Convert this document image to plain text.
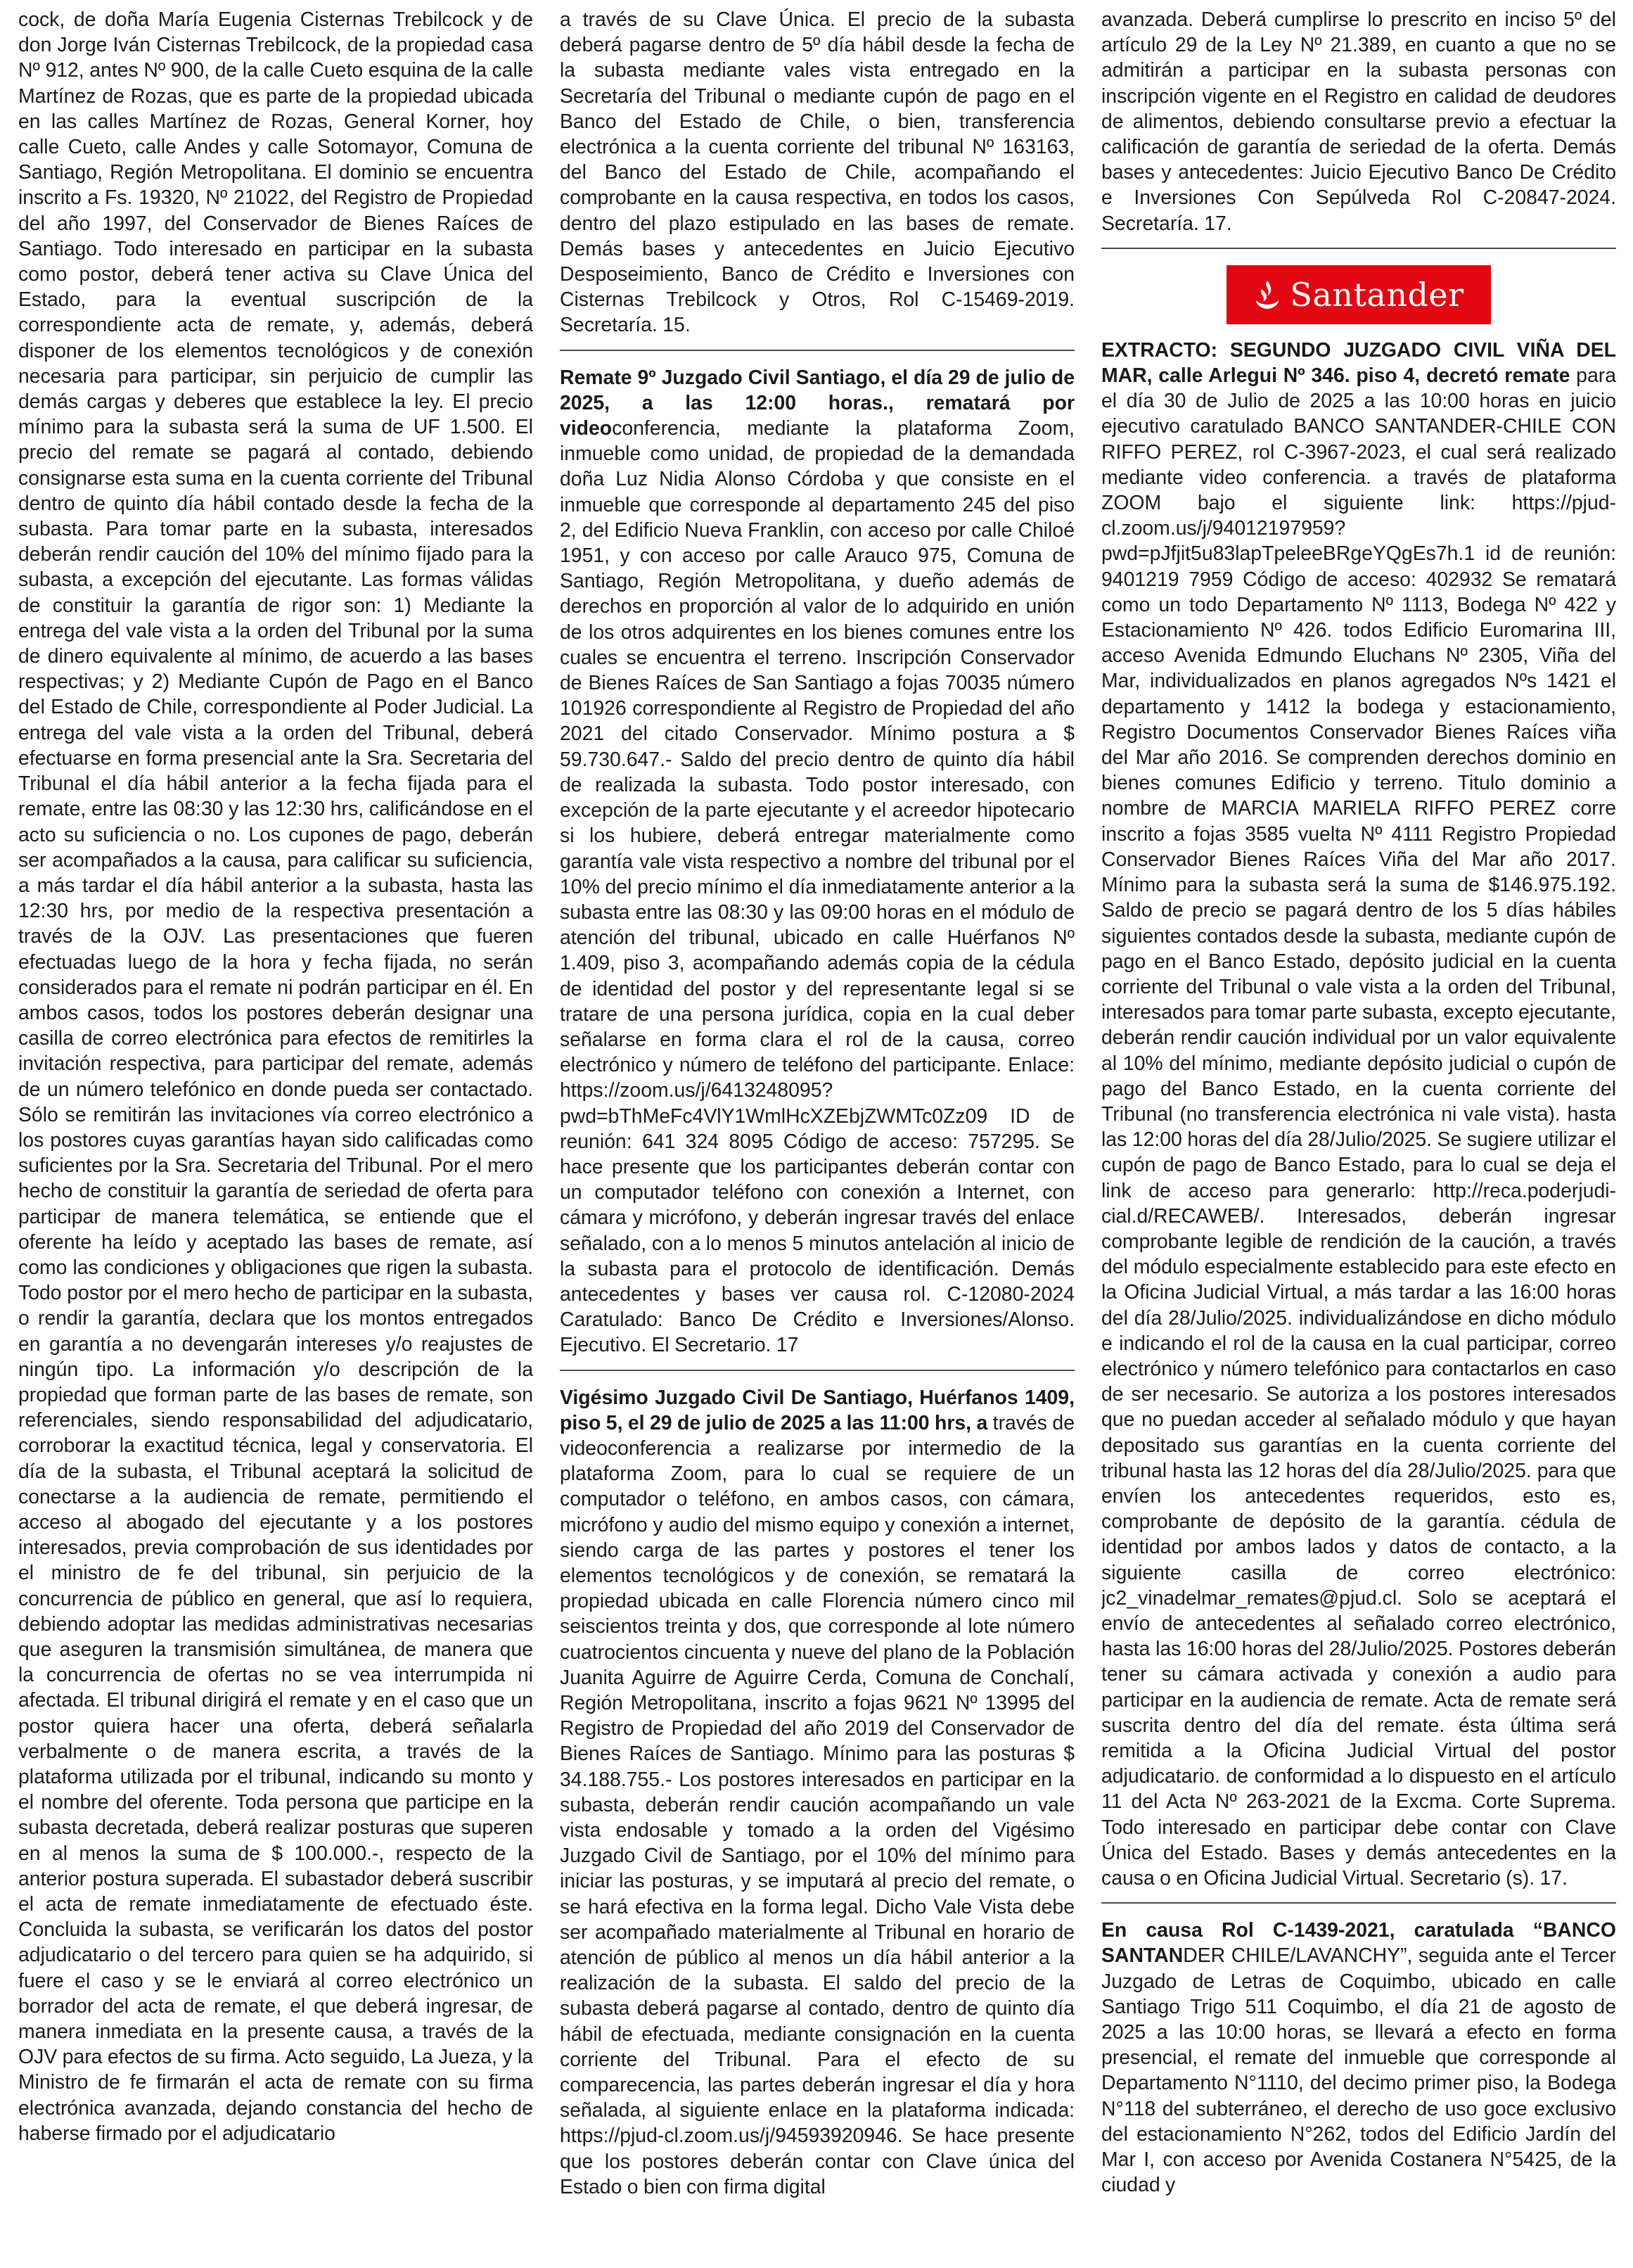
cock, de doña María Eugenia Cisternas Trebilcock y de don Jorge Iván Cisternas Trebilcock, de la propiedad casa Nº 912, antes Nº 900, de la calle Cueto esquina de la calle Martínez de Rozas, que es parte de la propiedad ubicada en las calles Martínez de Rozas, General Korner, hoy calle Cueto, calle Andes y calle Sotomayor, Comuna de Santiago, Región Metropolitana. El dominio se encuentra inscrito a Fs. 19320, Nº 21022, del Registro de Propiedad del año 1997, del Conservador de Bienes Raíces de Santiago. Todo interesado en participar en la subasta como postor, deberá tener activa su Clave Única del Estado, para la eventual suscripción de la correspondiente acta de remate, y, además, deberá disponer de los elementos tecnológicos y de conexión necesaria para participar, sin perjuicio de cumplir las demás cargas y deberes que establece la ley. El precio mínimo para la subasta será la suma de UF 1.500. El precio del remate se pagará al contado, debiendo consignarse esta suma en la cuenta corriente del Tribunal dentro de quinto día hábil contado desde la fecha de la subasta. Para tomar parte en la subasta, interesados deberán rendir caución del 10% del mínimo fijado para la subasta, a excepción del ejecutante. Las formas válidas de constituir la garantía de rigor son: 1) Mediante la entrega del vale vista a la orden del Tribunal por la suma de dinero equivalente al mínimo, de acuerdo a las bases respectivas; y 2) Mediante Cupón de Pago en el Banco del Estado de Chile, correspondiente al Poder Judicial. La entrega del vale vista a la orden del Tribunal, deberá efectuarse en forma presencial ante la Sra. Secretaria del Tribunal el día hábil anterior a la fecha fijada para el remate, entre las 08:30 y las 12:30 hrs, calificándose en el acto su suficiencia o no. Los cupones de pago, deberán ser acompañados a la causa, para calificar su suficiencia, a más tardar el día hábil anterior a la subasta, hasta las 12:30 hrs, por medio de la respectiva presentación a través de la OJV. Las presentaciones que fueren efectuadas luego de la hora y fecha fijada, no serán considerados para el remate ni podrán participar en él. En ambos casos, todos los postores deberán designar una casilla de correo electrónica para efectos de remitirles la invitación respectiva, para participar del remate, además de un número telefónico en donde pueda ser contactado. Sólo se remitirán las invitaciones vía correo electrónico a los postores cuyas garantías hayan sido calificadas como suficientes por la Sra. Secretaria del Tribunal. Por el mero hecho de constituir la garantía de seriedad de oferta para participar de manera telemática, se entiende que el oferente ha leído y aceptado las bases de remate, así como las condiciones y obligaciones que rigen la subasta. Todo postor por el mero hecho de participar en la subasta, o rendir la garantía, declara que los montos entregados en garantía a no devengarán intereses y/o reajustes de ningún tipo. La información y/o descripción de la propiedad que forman parte de las bases de remate, son referenciales, siendo responsabilidad del adjudicatario, corroborar la exactitud técnica, legal y conservatoria. El día de la subasta, el Tribunal aceptará la solicitud de conectarse a la audiencia de remate, permitiendo el acceso al abogado del ejecutante y a los postores interesados, previa comprobación de sus identidades por el ministro de fe del tribunal, sin perjuicio de la concurrencia de público en general, que así lo requiera, debiendo adoptar las medidas administrativas necesarias que aseguren la transmisión simultánea, de manera que la concurrencia de ofertas no se vea interrumpida ni afectada. El tribunal dirigirá el remate y en el caso que un postor quiera hacer una oferta, deberá señalarla verbalmente o de manera escrita, a través de la plataforma utilizada por el tribunal, indicando su monto y el nombre del oferente. Toda persona que participe en la subasta decretada, deberá realizar posturas que superen en al menos la suma de $ 100.000.-, respecto de la anterior postura superada. El subastador deberá suscribir el acta de remate inmediatamente de efectuado éste. Concluida la subasta, se verificarán los datos del postor adjudicatario o del tercero para quien se ha adquirido, si fuere el caso y se le enviará al correo electrónico un borrador del acta de remate, el que deberá ingresar, de manera inmediata en la presente causa, a través de la OJV para efectos de su firma. Acto seguido, La Jueza, y la Ministro de fe firmarán el acta de remate con su firma electrónica avanzada, dejando constancia del hecho de haberse firmado por el adjudicatario

a través de su Clave Única. El precio de la subasta deberá pagarse dentro de 5º día hábil desde la fecha de la subasta mediante vales vista entregado en la Secretaría del Tribunal o mediante cupón de pago en el Banco del Estado de Chile, o bien, transferencia electrónica a la cuenta corriente del tribunal Nº 163163, del Banco del Estado de Chile, acompañando el comprobante en la causa respectiva, en todos los casos, dentro del plazo estipulado en las bases de remate. Demás bases y antecedentes en Juicio Ejecutivo Desposeimiento, Banco de Crédito e Inversiones con Cisternas Trebilcock y Otros, Rol C-15469-2019. Secretaría. 15.

Remate 9º Juzgado Civil Santiago, el día 29 de julio de 2025, a las 12:00 horas., rematará por videoconferencia, mediante la plataforma Zoom, inmueble como unidad, de propiedad de la demandada doña Luz Nidia Alonso Córdoba y que consiste en el inmueble que corresponde al departamento 245 del piso 2, del Edificio Nueva Franklin, con acceso por calle Chiloé 1951, y con acceso por calle Arauco 975, Comuna de Santiago, Región Metropolitana, y dueño además de derechos en proporción al valor de lo adquirido en unión de los otros adquirentes en los bienes comunes entre los cuales se encuentra el terreno. Inscripción Conservador de Bienes Raíces de San Santiago a fojas 70035 número 101926 correspondiente al Registro de Propiedad del año 2021 del citado Conservador. Mínimo postura a $ 59.730.647.- Saldo del precio dentro de quinto día hábil de realizada la subasta. Todo postor interesado, con excepción de la parte ejecutante y el acreedor hipotecario si los hubiere, deberá entregar materialmente como garantía vale vista respectivo a nombre del tribunal por el 10% del precio mínimo el día inmediatamente anterior a la subasta entre las 08:30 y las 09:00 horas en el módulo de atención del tribunal, ubicado en calle Huérfanos Nº 1.409, piso 3, acompañando además copia de la cédula de identidad del postor y del representante legal si se tratare de una persona jurídica, copia en la cual deber señalarse en forma clara el rol de la causa, correo electrónico y número de teléfono del participante. Enlace: https://zoom.us/j/6413248095?pwd=bThMeFc4VlY1WmlHcXZEbjZWMTc0Zz09 ID de reunión: 641 324 8095 Código de acceso: 757295. Se hace presente que los participantes deberán contar con un computador teléfono con conexión a Internet, con cámara y micrófono, y deberán ingresar través del enlace señalado, con a lo menos 5 minutos antelación al inicio de la subasta para el protocolo de identificación. Demás antecedentes y bases ver causa rol. C-12080-2024 Caratulado: Banco De Crédito e Inversiones/Alonso. Ejecutivo. El Secretario. 17

Vigésimo Juzgado Civil De Santiago, Huérfanos 1409, piso 5, el 29 de julio de 2025 a las 11:00 hrs, a través de videoconferencia a realizarse por intermedio de la plataforma Zoom, para lo cual se requiere de un computador o teléfono, en ambos casos, con cámara, micrófono y audio del mismo equipo y conexión a internet, siendo carga de las partes y postores el tener los elementos tecnológicos y de conexión, se rematará la propiedad ubicada en calle Florencia número cinco mil seiscientos treinta y dos, que corresponde al lote número cuatrocientos cincuenta y nueve del plano de la Población Juanita Aguirre de Aguirre Cerda, Comuna de Conchalí, Región Metropolitana, inscrito a fojas 9621 Nº 13995 del Registro de Propiedad del año 2019 del Conservador de Bienes Raíces de Santiago. Mínimo para las posturas $ 34.188.755.- Los postores interesados en participar en la subasta, deberán rendir caución acompañando un vale vista endosable y tomado a la orden del Vigésimo Juzgado Civil de Santiago, por el 10% del mínimo para iniciar las posturas, y se imputará al precio del remate, o se hará efectiva en la forma legal. Dicho Vale Vista debe ser acompañado materialmente al Tribunal en horario de atención de público al menos un día hábil anterior a la realización de la subasta. El saldo del precio de la subasta deberá pagarse al contado, dentro de quinto día hábil de efectuada, mediante consignación en la cuenta corriente del Tribunal. Para el efecto de su comparecencia, las partes deberán ingresar el día y hora señalada, al siguiente enlace en la plataforma indicada: https://pjud-cl.zoom.us/j/94593920946. Se hace presente que los postores deberán contar con Clave única del Estado o bien con firma digital

avanzada. Deberá cumplirse lo prescrito en inciso 5º del artículo 29 de la Ley Nº 21.389, en cuanto a que no se admitirán a participar en la subasta personas con inscripción vigente en el Registro en calidad de deudores de alimentos, debiendo consultarse previo a efectuar la calificación de garantía de seriedad de la oferta. Demás bases y antecedentes: Juicio Ejecutivo Banco De Crédito e Inversiones Con Sepúlveda Rol C-20847-2024. Secretaría. 17.

Santander

EXTRACTO: SEGUNDO JUZGADO CIVIL VIÑA DEL MAR, calle Arlegui Nº 346. piso 4, decretó remate para el día 30 de Julio de 2025 a las 10:00 horas en juicio ejecutivo caratulado BANCO SANTANDER-CHILE CON RIFFO PEREZ, rol C-3967-2023, el cual será realizado mediante video conferencia. a través de plataforma ZOOM bajo el siguiente link: https://pjud-cl.zoom.us/j/94012197959?pwd=pJfjit5u83lapTpeleeBRgeYQgEs7h.1 id de reunión: 9401219 7959 Código de acceso: 402932 Se rematará como un todo Departamento Nº 1113, Bodega Nº 422 y Estacionamiento Nº 426. todos Edificio Euromarina III, acceso Avenida Edmundo Eluchans Nº 2305, Viña del Mar, individualizados en planos agregados Nºs 1421 el departamento y 1412 la bodega y estacionamiento, Registro Documentos Conservador Bienes Raíces viña del Mar año 2016. Se comprenden derechos dominio en bienes comunes Edificio y terreno. Titulo dominio a nombre de MARCIA MARIELA RIFFO PEREZ corre inscrito a fojas 3585 vuelta Nº 4111 Registro Propiedad Conservador Bienes Raíces Viña del Mar año 2017. Mínimo para la subasta será la suma de $146.975.192. Saldo de precio se pagará dentro de los 5 días hábiles siguientes contados desde la subasta, mediante cupón de pago en el Banco Estado, depósito judicial en la cuenta corriente del Tribunal o vale vista a la orden del Tribunal, interesados para tomar parte subasta, excepto ejecutante, deberán rendir caución individual por un valor equivalente al 10% del mínimo, mediante depósito judicial o cupón de pago del Banco Estado, en la cuenta corriente del Tribunal (no transferencia electrónica ni vale vista). hasta las 12:00 horas del día 28/Julio/2025. Se sugiere utilizar el cupón de pago de Banco Estado, para lo cual se deja el link de acceso para generarlo: http://reca.poderjudi-cial.d/RECAWEB/. Interesados, deberán ingresar comprobante legible de rendición de la caución, a través del módulo especialmente establecido para este efecto en la Oficina Judicial Virtual, a más tardar a las 16:00 horas del día 28/Julio/2025. individualizándose en dicho módulo e indicando el rol de la causa en la cual participar, correo electrónico y número telefónico para contactarlos en caso de ser necesario. Se autoriza a los postores interesados que no puedan acceder al señalado módulo y que hayan depositado sus garantías en la cuenta corriente del tribunal hasta las 12 horas del día 28/Julio/2025. para que envíen los antecedentes requeridos, esto es, comprobante de depósito de la garantía. cédula de identidad por ambos lados y datos de contacto, a la siguiente casilla de correo electrónico: jc2_vinadelmar_remates@pjud.cl. Solo se aceptará el envío de antecedentes al señalado correo electrónico, hasta las 16:00 horas del 28/Julio/2025. Postores deberán tener su cámara activada y conexión a audio para participar en la audiencia de remate. Acta de remate será suscrita dentro del día del remate. ésta última será remitida a la Oficina Judicial Virtual del postor adjudicatario. de conformidad a lo dispuesto en el artículo 11 del Acta Nº 263-2021 de la Excma. Corte Suprema. Todo interesado en participar debe contar con Clave Única del Estado. Bases y demás antecedentes en la causa o en Oficina Judicial Virtual. Secretario (s). 17.

En causa Rol C-1439-2021, caratulada “BANCO SANTANDER CHILE/LAVANCHY”, seguida ante el Tercer Juzgado de Letras de Coquimbo, ubicado en calle Santiago Trigo 511 Coquimbo, el día 21 de agosto de 2025 a las 10:00 horas, se llevará a efecto en forma presencial, el remate del inmueble que corresponde al Departamento N°1110, del decimo primer piso, la Bodega N°118 del subterráneo, el derecho de uso goce exclusivo del estacionamiento N°262, todos del Edificio Jardín del Mar I, con acceso por Avenida Costanera N°5425, de la ciudad y
